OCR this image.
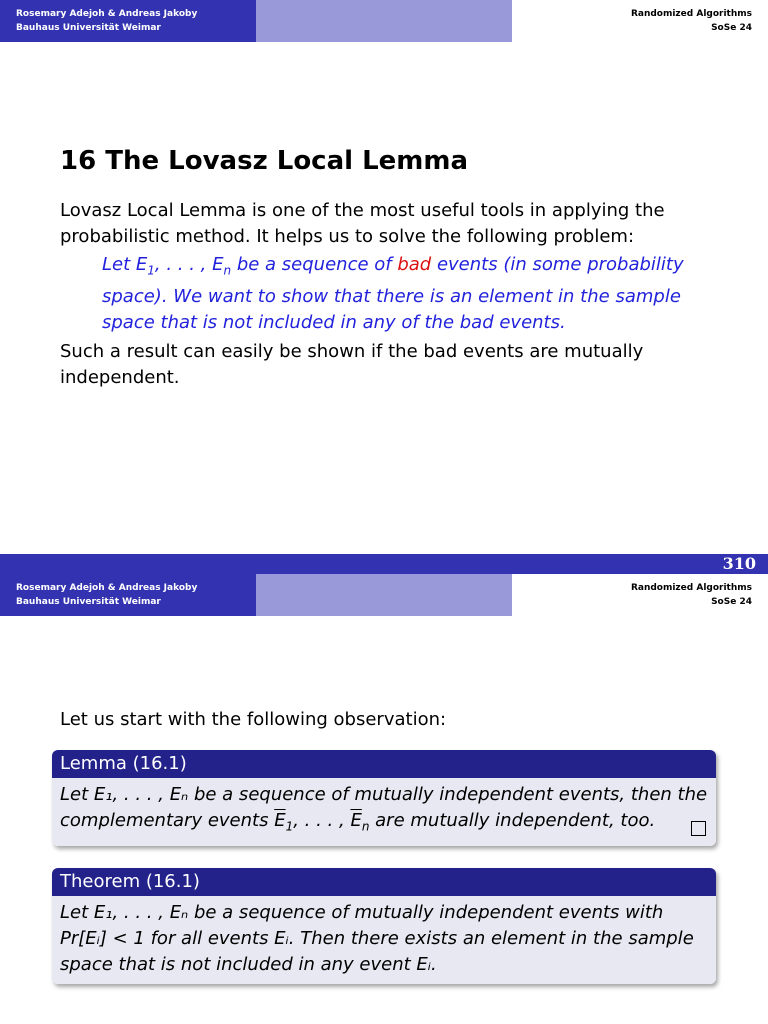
Rosemary Adejoh & Andreas Jakoby
Bauhaus Universität Weimar
Randomized Algorithms
SoSe 24
16 The Lovasz Local Lemma

Lovasz Local Lemma is one of the most useful tools in applying the
probabilistic method. It helps us to solve the following problem:

Let $E_1$, . . . , $E_n$ be a sequence of bad events (in some probability
space). We want to show that there is an element in the sample
space that is not included in any of the bad events.

Such a result can easily be shown if the bad events are mutually
independent.

310
Rosemary Adejoh & Andreas Jakoby
Bauhaus Universität Weimar
Randomized Algorithms
SoSe 24

Let us start with the following observation:

Lemma (16.1)
Let E₁, . . . , Eₙ be a sequence of mutually independent events, then the
complementary events $\overline{E}_1$, . . . , $\overline{E}_n$ are mutually independent, too.
Theorem (16.1)
Let E₁, . . . , Eₙ be a sequence of mutually independent events with
Pr[Eᵢ] < 1 for all events Eᵢ. Then there exists an element in the sample
space that is not included in any event Eᵢ.
